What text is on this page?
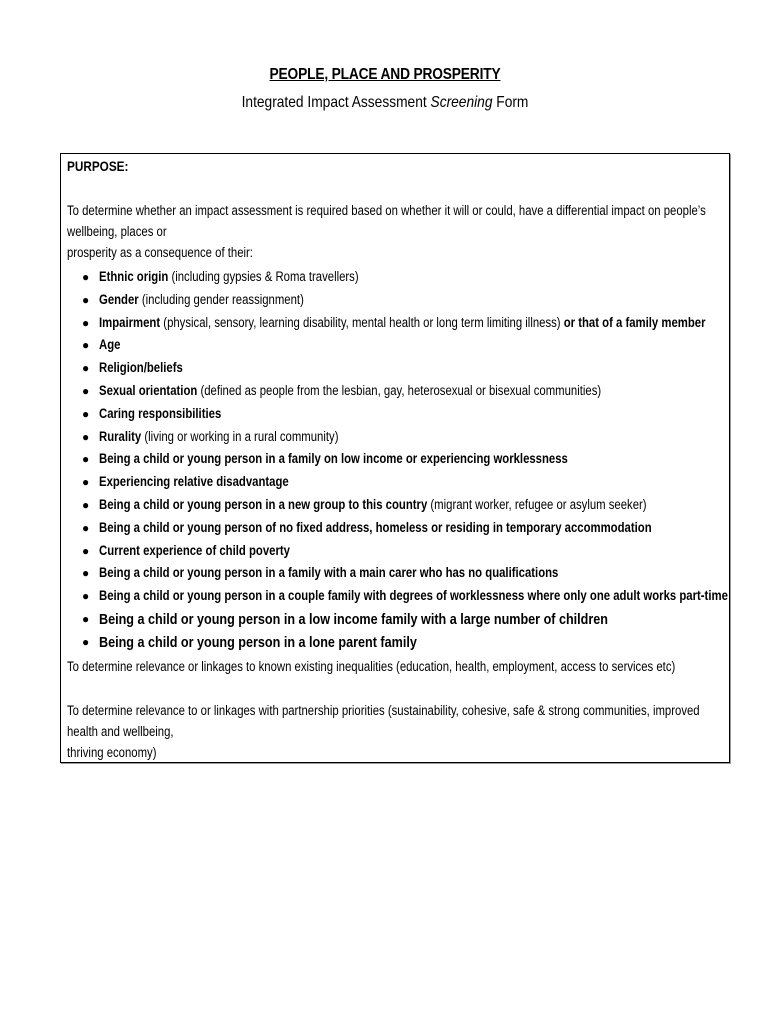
PEOPLE, PLACE AND PROSPERITY
Integrated Impact Assessment Screening Form
PURPOSE:
To determine whether an impact assessment is required based on whether it will or could, have a differential impact on people’s wellbeing, places or
prosperity as a consequence of their:
● Ethnic origin (including gypsies & Roma travellers)
● Gender (including gender reassignment)
● Impairment (physical, sensory, learning disability, mental health or long term limiting illness) or that of a family member
● Age
● Religion/beliefs
● Sexual orientation (defined as people from the lesbian, gay, heterosexual or bisexual communities)
● Caring responsibilities
● Rurality (living or working in a rural community)
● Being a child or young person in a family on low income or experiencing worklessness
● Experiencing relative disadvantage
● Being a child or young person in a new group to this country (migrant worker, refugee or asylum seeker)
● Being a child or young person of no fixed address, homeless or residing in temporary accommodation
● Current experience of child poverty
● Being a child or young person in a family with a main carer who has no qualifications
● Being a child or young person in a couple family with degrees of worklessness where only one adult works part-time
● Being a child or young person in a low income family with a large number of children
● Being a child or young person in a lone parent family
To determine relevance or linkages to known existing inequalities (education, health, employment, access to services etc)
To determine relevance to or linkages with partnership priorities (sustainability, cohesive, safe & strong communities, improved health and wellbeing,
thriving economy)
